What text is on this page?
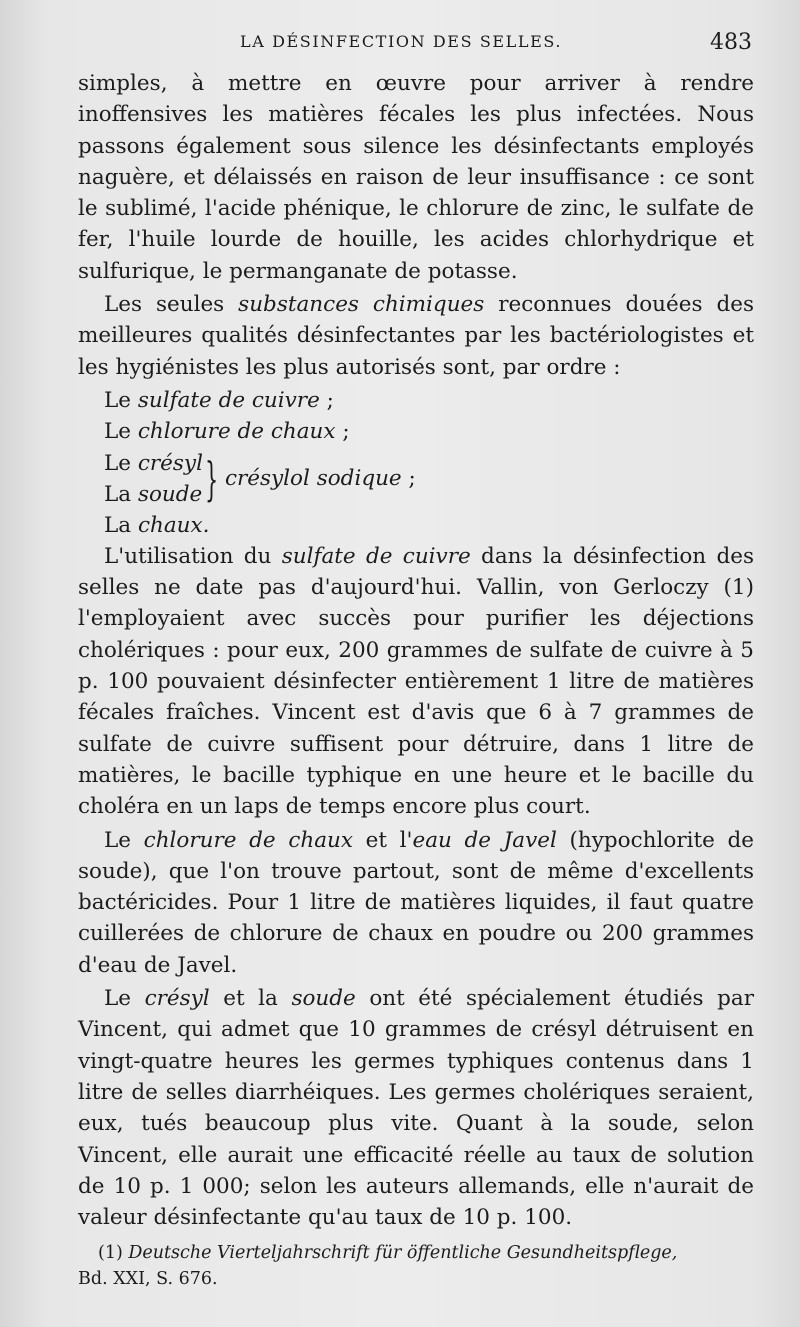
LA DÉSINFECTION DES SELLES.	483

simples, à mettre en œuvre pour arriver à rendre inoffensives les matières fécales les plus infectées. Nous passons également sous silence les désinfectants employés naguère, et délaissés en raison de leur insuffisance : ce sont le sublimé, l'acide phénique, le chlorure de zinc, le sulfate de fer, l'huile lourde de houille, les acides chlorhydrique et sulfurique, le permanganate de potasse.

Les seules substances chimiques reconnues douées des meilleures qualités désinfectantes par les bactériologistes et les hygiénistes les plus autorisés sont, par ordre :

Le sulfate de cuivre ;

Le chlorure de chaux ;

Le crésyl
La soude } crésylol sodique ;

La chaux.

L'utilisation du sulfate de cuivre dans la désinfection des selles ne date pas d'aujourd'hui. Vallin, von Gerloczy (1) l'employaient avec succès pour purifier les déjections cholériques : pour eux, 200 grammes de sulfate de cuivre à 5 p. 100 pouvaient désinfecter entièrement 1 litre de matières fécales fraîches. Vincent est d'avis que 6 à 7 grammes de sulfate de cuivre suffisent pour détruire, dans 1 litre de matières, le bacille typhique en une heure et le bacille du choléra en un laps de temps encore plus court.

Le chlorure de chaux et l'eau de Javel (hypochlorite de soude), que l'on trouve partout, sont de même d'excellents bactéricides. Pour 1 litre de matières liquides, il faut quatre cuillerées de chlorure de chaux en poudre ou 200 grammes d'eau de Javel.

Le crésyl et la soude ont été spécialement étudiés par Vincent, qui admet que 10 grammes de crésyl détruisent en vingt-quatre heures les germes typhiques contenus dans 1 litre de selles diarrhéiques. Les germes cholériques seraient, eux, tués beaucoup plus vite. Quant à la soude, selon Vincent, elle aurait une efficacité réelle au taux de solution de 10 p. 1 000; selon les auteurs allemands, elle n'aurait de valeur désinfectante qu'au taux de 10 p. 100.

(1) Deutsche Vierteljahrschrift für öffentliche Gesundheitspflege,
Bd. XXI, S. 676.
